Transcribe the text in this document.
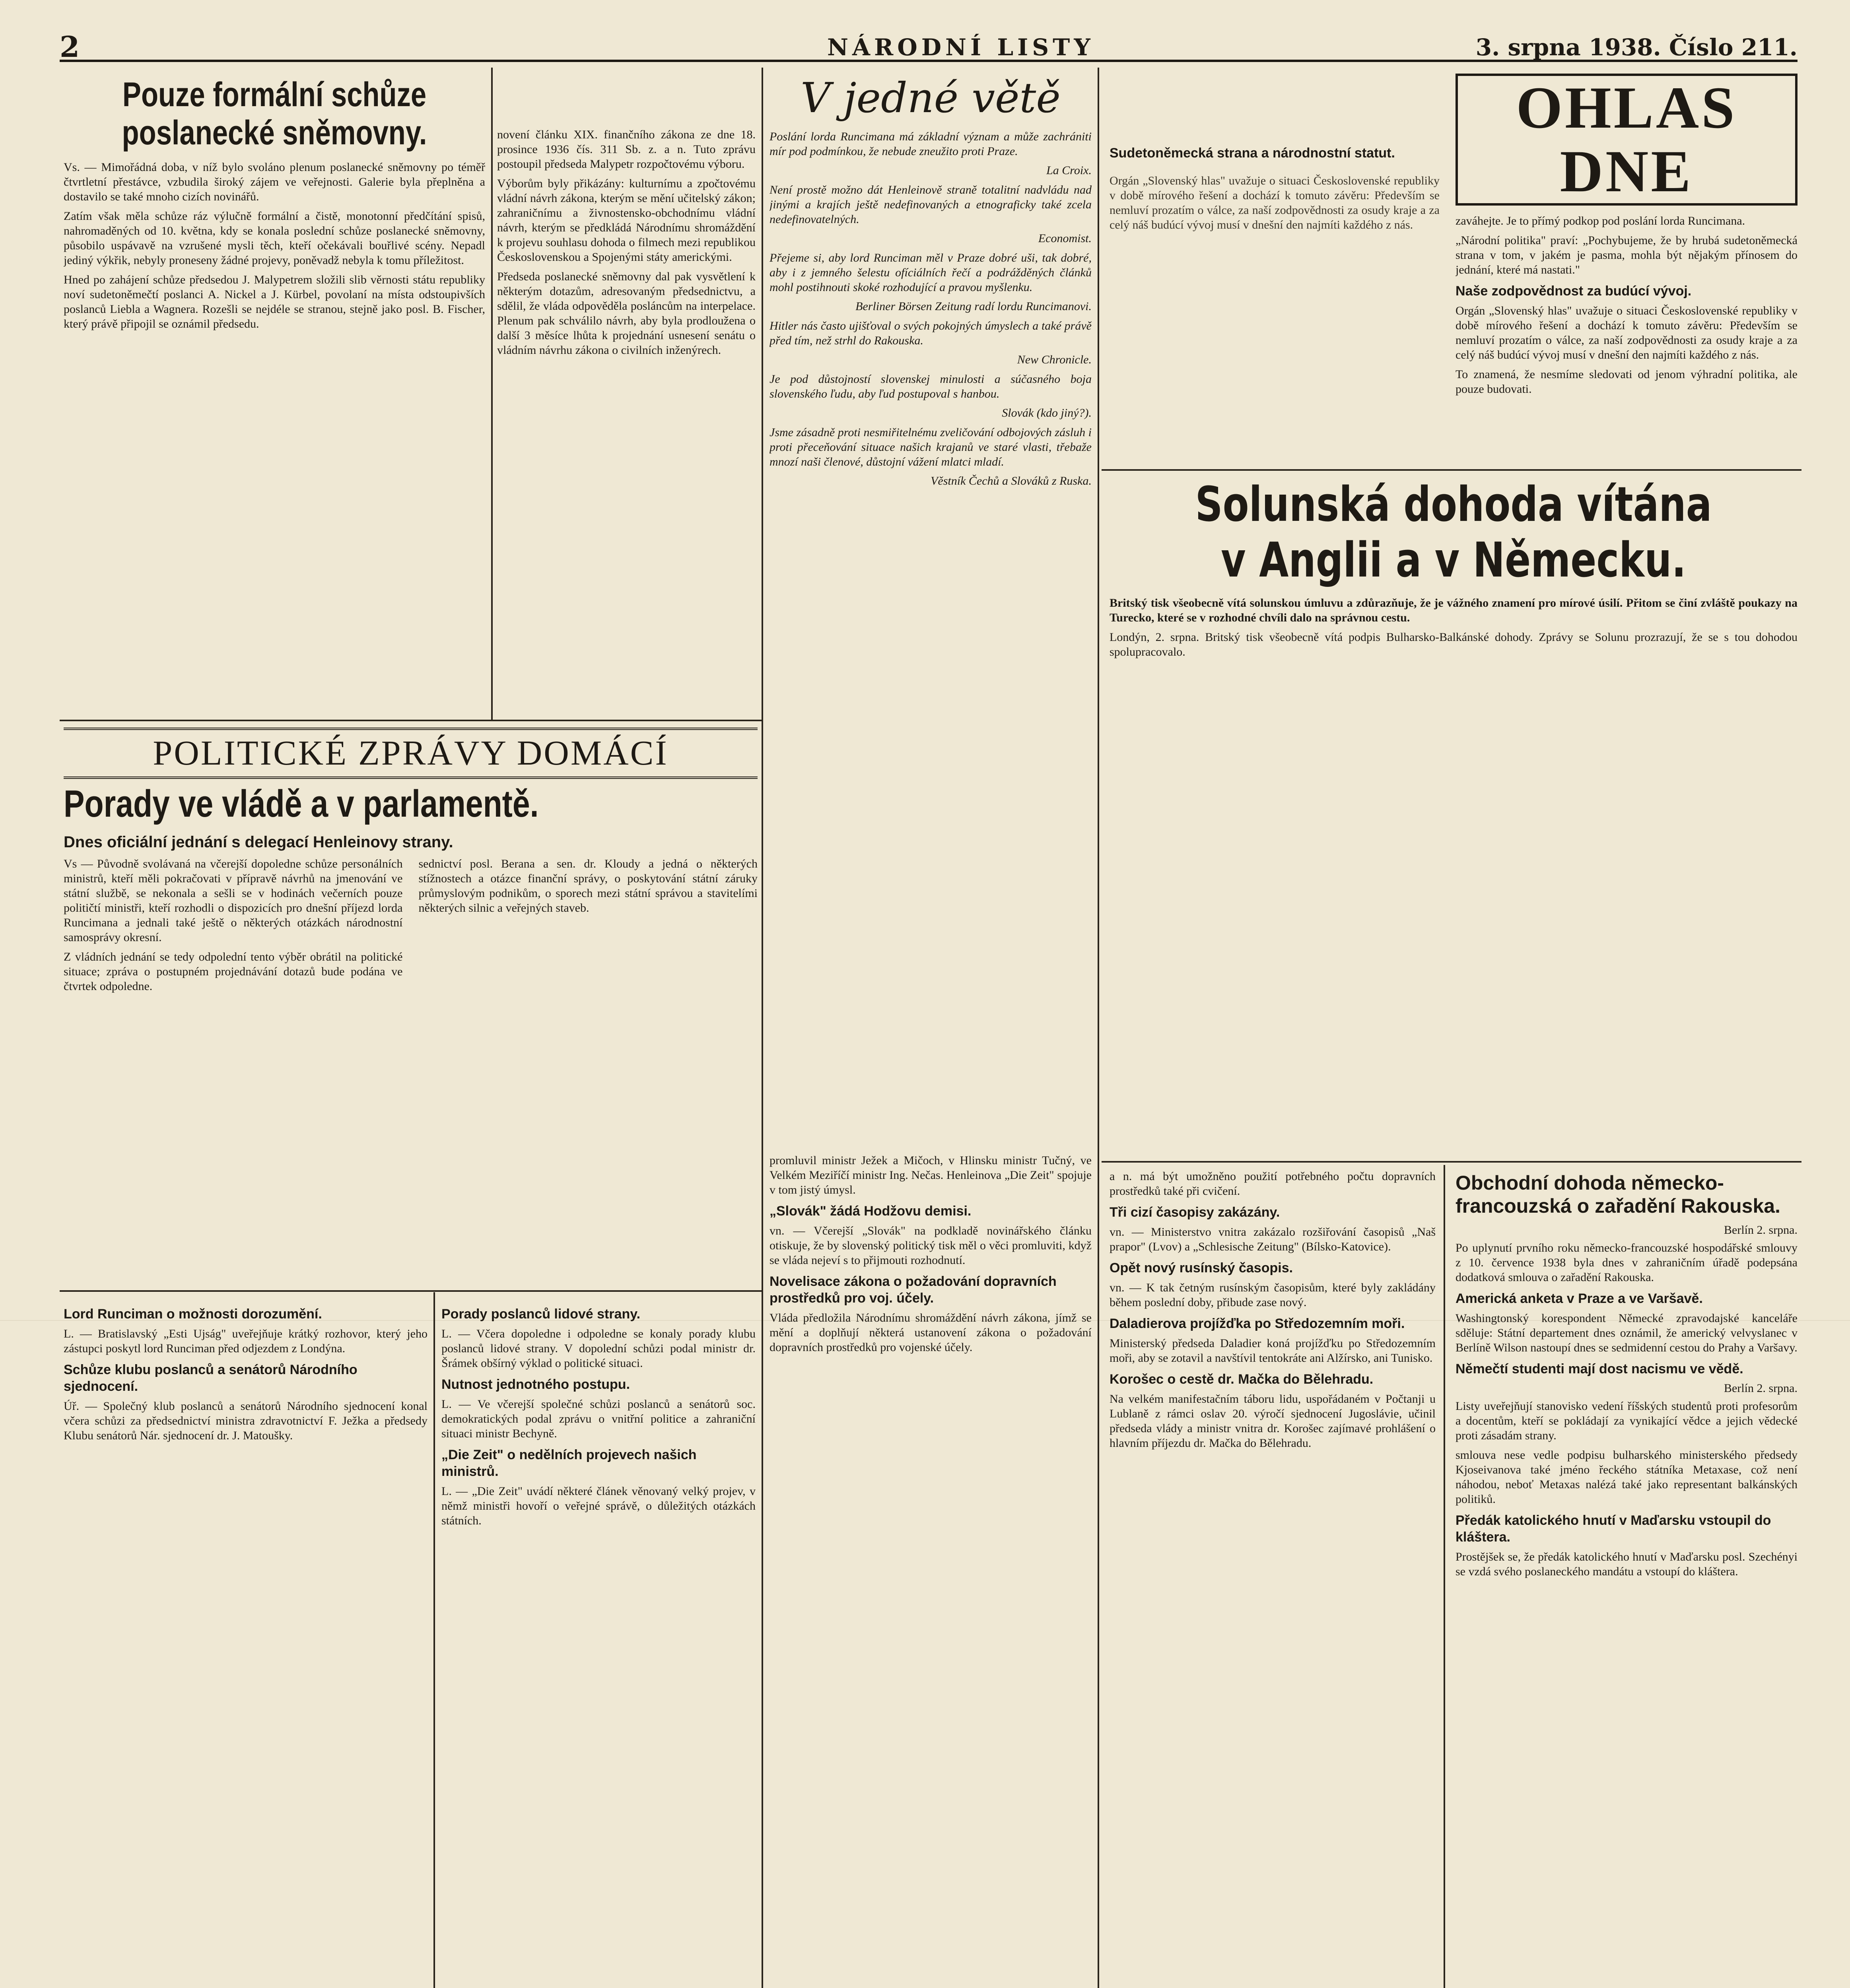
2	NÁRODNÍ LISTY	3. srpna 1938. Číslo 211.
Pouze formální schůze poslanecké sněmovny.

Vs. — Mimořádná doba, v níž bylo svoláno plenum poslanecké sněmovny po téměř čtvrtletní přestávce, vzbudila široký zájem ve veřejnosti. Galerie byla přeplněna a dostavilo se také mnoho cizích novinářů.

Zatím však měla schůze ráz výlučně formální a čistě, monotonní předčítání spisů, nahromaděných od 10. května, kdy se konala poslední schůze poslanecké sněmovny, působilo uspávavě na vzrušené mysli těch, kteří očekávali bouřlivé scény. Nepadl jediný výkřik, nebyly proneseny žádné projevy, poněvadž nebyla k tomu příležitost.

Hned po zahájení schůze předsedou J. Malypetrem složili slib věrnosti státu republiky noví sudetoněmečtí poslanci A. Nickel a J. Kürbel, povolaní na místa odstoupivších poslanců Liebla a Wagnera. Rozešli se nejdéle se stranou, stejně jako posl. B. Fischer, který právě připojil se oznámil předsedu.

novení článku XIX. finančního zákona ze dne 18. prosince 1936 čís. 311 Sb. z. a n. Tuto zprávu postoupil předseda Malypetr rozpočtovému výboru.

Výborům byly přikázány: kulturnímu a zpočtovému vládní návrh zákona, kterým se mění učitelský zákon; zahraničnímu a živnostensko-obchodnímu vládní návrh, kterým se předkládá Národnímu shromáždění k projevu souhlasu dohoda o filmech mezi republikou Československou a Spojenými státy americkými.

Předseda poslanecké sněmovny dal pak vysvětlení k některým dotazům, adresovaným předsednictvu, a sdělil, že vláda odpověděla posláncům na interpelace. Plenum pak schválilo návrh, aby byla prodloužena o další 3 měsíce lhůta k projednání usnesení senátu o vládním návrhu zákona o civilních inženýrech.

V jedné větě

Poslání lorda Runcimana má základní význam a může zachrániti mír pod podmínkou, že nebude zneužito proti Praze.

La Croix.

Není prostě možno dát Henleinově straně totalitní nadvládu nad jinými a krajích ještě nedefinovaných a etnograficky také zcela nedefinovatelných.

Economist.

Přejeme si, aby lord Runciman měl v Praze dobré uši, tak dobré, aby i z jemného šelestu ofíciálních řečí a podrážděných článků mohl postihnouti skoké rozhodující a pravou myšlenku.

Berliner Börsen Zeitung radí lordu Runcimanovi.

Hitler nás často ujišťoval o svých pokojných úmyslech a také právě před tím, než strhl do Rakouska.

New Chronicle.

Je pod důstojností slovenskej minulosti a súčasného boja slovenského ľudu, aby ľud postupoval s hanbou.

Slovák (kdo jiný?).

Jsme zásadně proti nesmiřitelnému zveličování odbojových zásluh i proti přeceňování situace našich krajanů ve staré vlasti, třebaže mnozí naši členové, důstojní vážení mlatci mladí.

Věstník Čechů a Slováků z Ruska.

OHLAS DNE

zaváhejte. Je to přímý podkop pod poslání lorda Runcimana.

„Národní politika" praví: „Pochybujeme, že by hrubá sudetoněmecká strana v tom, v jakém je pasma, mohla být nějakým přínosem do jednání, které má nastati."

Naše zodpovědnost za budúcí vývoj.

Orgán „Slovenský hlas" uvažuje o situaci Československé republiky v době mírového řešení a dochází k tomuto závěru: Především se nemluví prozatím o válce, za naší zodpovědnosti za osudy kraje a za celý náš budúcí vývoj musí v dnešní den najmíti každého z nás.

To znamená, že nesmíme sledovati od jenom výhradní politika, ale pouze budovati.

Sudetoněmecká strana a národnostní statut.

Orgán „Slovenský hlas" uvažuje o situaci Československé republiky v době mírového řešení a dochází k tomuto závěru: Především se nemluví prozatím o válce, za naší zodpovědnosti za osudy kraje a za celý náš budúcí vývoj musí v dnešní den najmíti každého z nás.

Solunská dohoda vítána v Anglii a v Německu.

Britský tisk všeobecně vítá solunskou úmluvu a zdůrazňuje, že je vážného znamení pro mírové úsilí. Přitom se činí zvláště poukazy na Turecko, které se v rozhodné chvíli dalo na správnou cestu.

Londýn, 2. srpna. Britský tisk všeobecně vítá podpis Bulharsko-Balkánské dohody. Zprávy se Solunu prozrazují, že se s tou dohodou spolupracovalo.

Obchodní dohoda německo-francouzská o zařadění Rakouska.

Berlín 2. srpna.

Po uplynutí prvního roku německo-francouzské hospodářské smlouvy z 10. července 1938 byla dnes v zahraničním úřadě podepsána dodatková smlouva o zařadění Rakouska.

Americká anketa v Praze a ve Varšavě.

Washingtonský korespondent Německé zpravodajské kanceláře sděluje: Státní departement dnes oznámil, že americký velvyslanec v Berlíně Wilson nastoupí dnes se sedmidenní cestou do Prahy a Varšavy.

Němečtí studenti mají dost nacismu ve vědě.

Berlín 2. srpna.

Listy uveřejňují stanovisko vedení říšských studentů proti profesorům a docentům, kteří se pokládají za vynikající vědce a jejich vědecké proti zásadám strany.

smlouva nese vedle podpisu bulharského ministerského předsedy Kjoseivanova také jméno řeckého státníka Metaxase, což není náhodou, neboť Metaxas nalézá také jako representant balkánských politiků.

Předák katolického hnutí v Maďarsku vstoupil do kláštera.

Prostějšek se, že předák katolického hnutí v Maďarsku posl. Szechényi se vzdá svého poslaneckého mandátu a vstoupí do kláštera.

a n. má být umožněno použití potřebného počtu dopravních prostředků také při cvičení.

Tři cizí časopisy zakázány.

vn. — Ministerstvo vnitra zakázalo rozšiřování časopisů „Naš prapor" (Lvov) a „Schlesische Zeitung" (Bílsko-Katovice).

Opět nový rusínský časopis.

vn. — K tak četným rusínským časopisům, které byly zakládány během poslední doby, přibude zase nový.

Daladierova projížďka po Středozemním moři.

Ministerský předseda Daladier koná projížďku po Středozemním moři, aby se zotavil a navštívil tentokráte ani Alžírsko, ani Tunisko.

Korošec o cestě dr. Mačka do Bělehradu.

Na velkém manifestačním táboru lidu, uspořádaném v Počtanji u Lublaně z rámci oslav 20. výročí sjednocení Jugoslávie, učinil předseda vlády a ministr vnitra dr. Korošec zajímavé prohlášení o hlavním příjezdu dr. Mačka do Bělehradu.

POLITICKÉ ZPRÁVY DOMÁCÍ
Porady ve vládě a v parlamentě.
Dnes oficiální jednání s delegací Henleinovy strany.

Vs — Původně svolávaná na včerejší dopoledne schůze personálních ministrů, kteří měli pokračovati v přípravě návrhů na jmenování ve státní službě, se nekonala a sešli se v hodinách večerních pouze političtí ministři, kteří rozhodli o dispozicích pro dnešní příjezd lorda Runcimana a jednali také ještě o některých otázkách národnostní samosprávy okresní.

Z vládních jednání se tedy odpolední tento výběr obrátil na politické situace; zpráva o postupném projednávání dotazů bude podána ve čtvrtek odpoledne.

sednictví posl. Berana a sen. dr. Kloudy a jedná o některých stížnostech a otázce finanční správy, o poskytování státní záruky průmyslovým podnikům, o sporech mezi státní správou a stavitelími některých silnic a veřejných staveb.

Lord Runciman o možnosti dorozumění.

L. — Bratislavský „Esti Ujság" uveřejňuje krátký rozhovor, který jeho zástupci poskytl lord Runciman před odjezdem z Londýna.

Schůze klubu poslanců a senátorů Národního sjednocení.

Úř. — Společný klub poslanců a senátorů Národního sjednocení konal včera schůzi za předsednictví ministra zdravotnictví F. Ježka a předsedy Klubu senátorů Nár. sjednocení dr. J. Matoušky.

Porady poslanců lidové strany.

L. — Včera dopoledne i odpoledne se konaly porady klubu poslanců lidové strany. V dopolední schůzi podal ministr dr. Šrámek obšírný výklad o politické situaci.

Nutnost jednotného postupu.

L. — Ve včerejší společné schůzi poslanců a senátorů soc. demokratických podal zprávu o vnitřní politice a zahraniční situaci ministr Bechyně.

„Die Zeit" o nedělních projevech našich ministrů.

L. — „Die Zeit" uvádí některé článek věnovaný velký projev, v němž ministři hovoří o veřejné správě, o důležitých otázkách státních.

promluvil ministr Ježek a Mičoch, v Hlinsku ministr Tučný, ve Velkém Meziříčí ministr Ing. Nečas. Henleinova „Die Zeit" spojuje v tom jistý úmysl.

„Slovák" žádá Hodžovu demisi.

vn. — Včerejší „Slovák" na podkladě novinářského článku otiskuje, že by slovenský politický tisk měl o věci promluviti, když se vláda nejeví s to přijmouti rozhodnutí.

Novelisace zákona o požadování dopravních prostředků pro voj. účely.

Vláda předložila Národnímu shromáždění návrh zákona, jímž se mění a doplňují některá ustanovení zákona o požadování dopravních prostředků pro vojenské účely.
